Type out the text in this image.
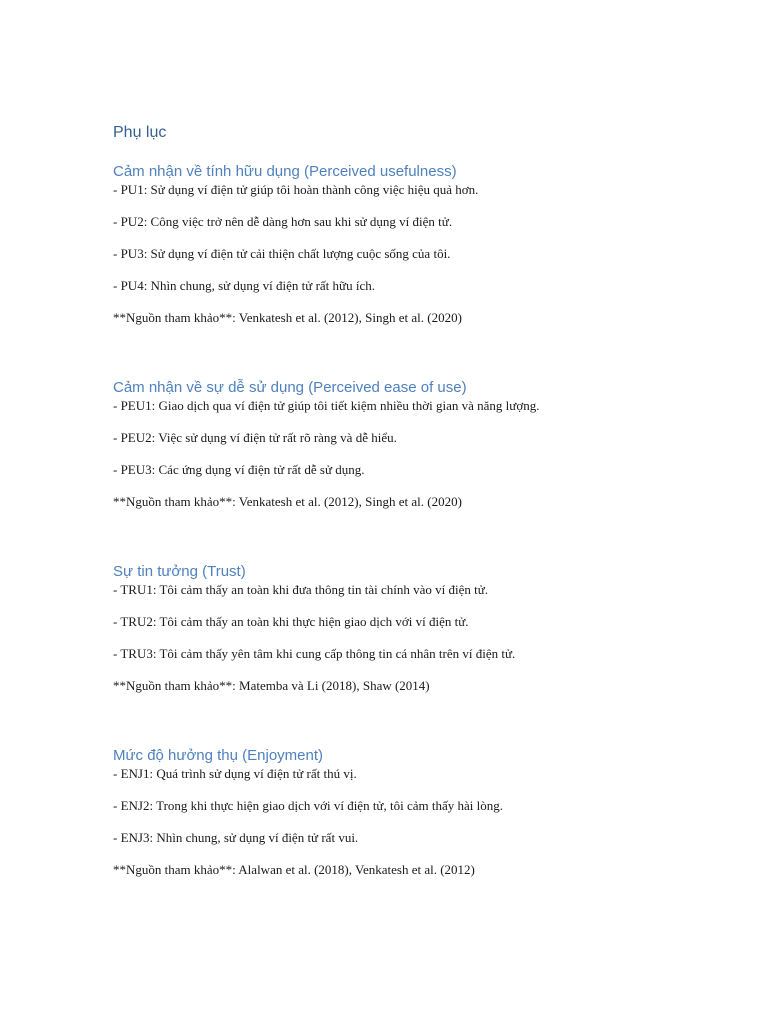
Phụ lục
Cảm nhận về tính hữu dụng (Perceived usefulness)

- PU1: Sử dụng ví điện tử giúp tôi hoàn thành công việc hiệu quả hơn.

- PU2: Công việc trở nên dễ dàng hơn sau khi sử dụng ví điện tử.

- PU3: Sử dụng ví điện tử cải thiện chất lượng cuộc sống của tôi.

- PU4: Nhìn chung, sử dụng ví điện tử rất hữu ích.

**Nguồn tham khảo**: Venkatesh et al. (2012), Singh et al. (2020)

Cảm nhận về sự dễ sử dụng (Perceived ease of use)

- PEU1: Giao dịch qua ví điện tử giúp tôi tiết kiệm nhiều thời gian và năng lượng.

- PEU2: Việc sử dụng ví điện tử rất rõ ràng và dễ hiểu.

- PEU3: Các ứng dụng ví điện tử rất dễ sử dụng.

**Nguồn tham khảo**: Venkatesh et al. (2012), Singh et al. (2020)

Sự tin tưởng (Trust)

- TRU1: Tôi cảm thấy an toàn khi đưa thông tin tài chính vào ví điện tử.

- TRU2: Tôi cảm thấy an toàn khi thực hiện giao dịch với ví điện tử.

- TRU3: Tôi cảm thấy yên tâm khi cung cấp thông tin cá nhân trên ví điện tử.

**Nguồn tham khảo**: Matemba và Li (2018), Shaw (2014)

Mức độ hưởng thụ (Enjoyment)

- ENJ1: Quá trình sử dụng ví điện tử rất thú vị.

- ENJ2: Trong khi thực hiện giao dịch với ví điện tử, tôi cảm thấy hài lòng.

- ENJ3: Nhìn chung, sử dụng ví điện tử rất vui.

**Nguồn tham khảo**: Alalwan et al. (2018), Venkatesh et al. (2012)
